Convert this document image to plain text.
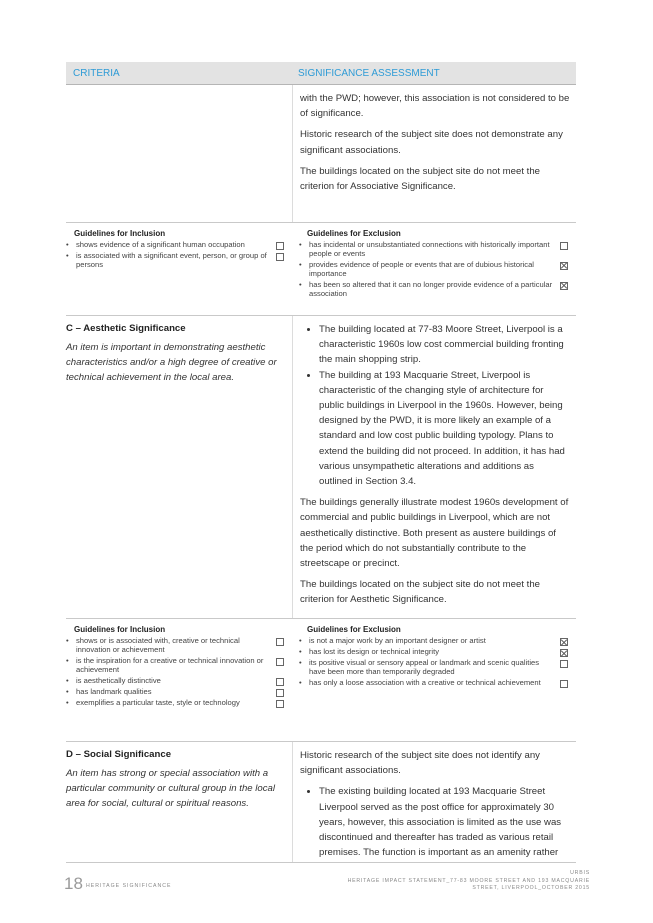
CRITERIA	SIGNIFICANCE ASSESSMENT

with the PWD; however, this association is not considered to be of significance.

Historic research of the subject site does not demonstrate any significant associations.

The buildings located on the subject site do not meet the criterion for Associative Significance.

Guidelines for Inclusion
• shows evidence of a significant human occupation
• is associated with a significant event, person, or group of persons
Guidelines for Exclusion
• has incidental or unsubstantiated connections with historically important people or events
• provides evidence of people or events that are of dubious historical importance
• has been so altered that it can no longer provide evidence of a particular association
C – Aesthetic Significance
An item is important in demonstrating aesthetic characteristics and/or a high degree of creative or technical achievement in the local area.
• The building located at 77-83 Moore Street, Liverpool is a characteristic 1960s low cost commercial building fronting the main shopping strip.
• The building at 193 Macquarie Street, Liverpool is characteristic of the changing style of architecture for public buildings in Liverpool in the 1960s. However, being designed by the PWD, it is more likely an example of a standard and low cost public building typology. Plans to extend the building did not proceed. In addition, it has had various unsympathetic alterations and additions as outlined in Section 3.4.

The buildings generally illustrate modest 1960s development of commercial and public buildings in Liverpool, which are not aesthetically distinctive. Both present as austere buildings of the period which do not substantially contribute to the streetscape or precinct.

The buildings located on the subject site do not meet the criterion for Aesthetic Significance.

Guidelines for Inclusion
• shows or is associated with, creative or technical innovation or achievement
• is the inspiration for a creative or technical innovation or achievement
• is aesthetically distinctive
• has landmark qualities
• exemplifies a particular taste, style or technology
Guidelines for Exclusion
• is not a major work by an important designer or artist
• has lost its design or technical integrity
• its positive visual or sensory appeal or landmark and scenic qualities have been more than temporarily degraded
• has only a loose association with a creative or technical achievement
D – Social Significance
An item has strong or special association with a particular community or cultural group in the local area for social, cultural or spiritual reasons.

Historic research of the subject site does not identify any significant associations.

• The existing building located at 193 Macquarie Street Liverpool served as the post office for approximately 30 years, however, this association is limited as the use was discontinued and thereafter has traded as various retail premises. The function is important as an amenity rather
18 HERITAGE SIGNIFICANCE
URBIS
HERITAGE IMPACT STATEMENT_77-83 MOORE STREET AND 193 MACQUARIE
STREET, LIVERPOOL_OCTOBER 2015
